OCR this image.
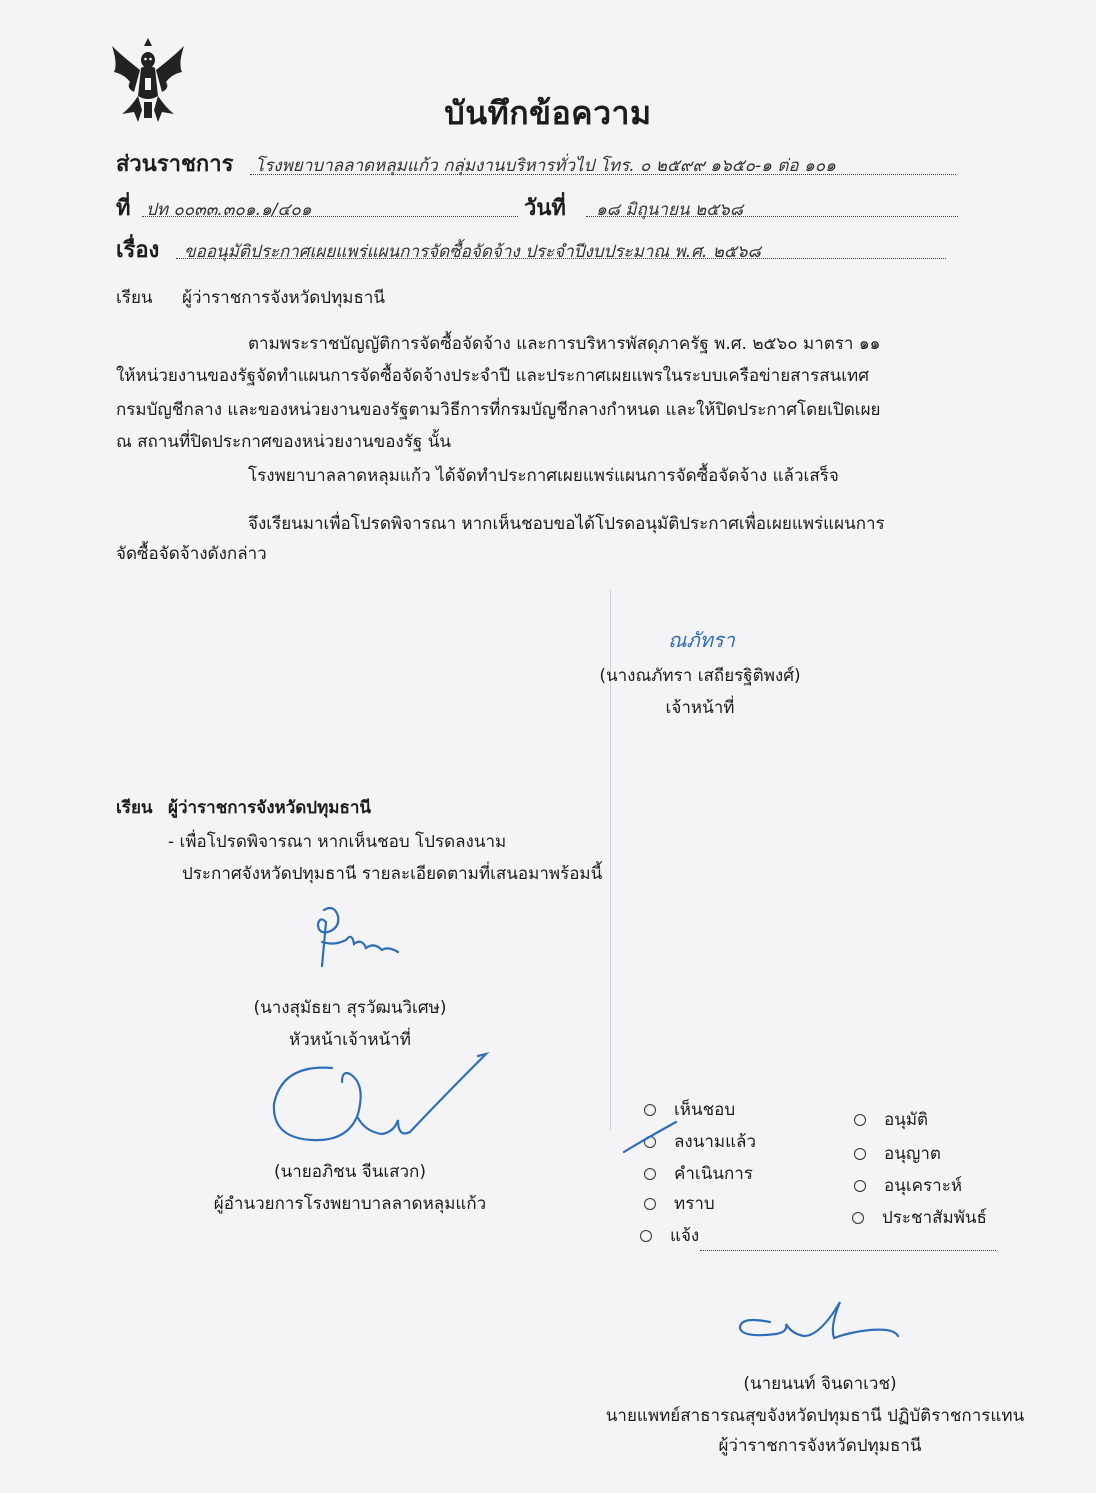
บันทึกข้อความ
ส่วนราชการ โรงพยาบาลลาดหลุมแก้ว กลุ่มงานบริหารทั่วไป โทร. ๐ ๒๕๙๙ ๑๖๕๐-๑ ต่อ ๑๐๑
ที่ ปท ๐๐๓๓.๓๐๑.๑/๔๐๑	วันที่ ๑๘ มิถุนายน ๒๕๖๘
เรื่อง ขออนุมัติประกาศเผยแพร่แผนการจัดซื้อจัดจ้าง ประจำปีงบประมาณ พ.ศ. ๒๕๖๘
เรียน ผู้ว่าราชการจังหวัดปทุมธานี
ตามพระราชบัญญัติการจัดซื้อจัดจ้าง และการบริหารพัสดุภาครัฐ พ.ศ. ๒๕๖๐ มาตรา ๑๑
ให้หน่วยงานของรัฐจัดทำแผนการจัดซื้อจัดจ้างประจำปี และประกาศเผยแพรในระบบเครือข่ายสารสนเทศ
กรมบัญชีกลาง และของหน่วยงานของรัฐตามวิธีการที่กรมบัญชีกลางกำหนด และให้ปิดประกาศโดยเปิดเผย
ณ สถานที่ปิดประกาศของหน่วยงานของรัฐ นั้น
โรงพยาบาลลาดหลุมแก้ว ได้จัดทำประกาศเผยแพร่แผนการจัดซื้อจัดจ้าง แล้วเสร็จ
จึงเรียนมาเพื่อโปรดพิจารณา หากเห็นชอบขอได้โปรดอนุมัติประกาศเพื่อเผยแพร่แผนการ
จัดซื้อจัดจ้างดังกล่าว
ณภัทรา
(นางณภัทรา เสถียรฐิติพงศ์)
เจ้าหน้าที่
เรียน ผู้ว่าราชการจังหวัดปทุมธานี
- เพื่อโปรดพิจารณา หากเห็นชอบ โปรดลงนาม
ประกาศจังหวัดปทุมธานี รายละเอียดตามที่เสนอมาพร้อมนี้
(นางสุมัธยา สุรวัฒนวิเศษ)
หัวหน้าเจ้าหน้าที่
(นายอภิชน จีนเสวก)
ผู้อำนวยการโรงพยาบาลลาดหลุมแก้ว
เห็นชอบ
ลงนามแล้ว
คำเนินการ
ทราบ
แจ้ง
อนุมัติ
อนุญาต
อนุเคราะห์
ประชาสัมพันธ์
(นายนนท์ จินดาเวช)
นายแพทย์สาธารณสุขจังหวัดปทุมธานี ปฏิบัติราชการแทน
ผู้ว่าราชการจังหวัดปทุมธานี
